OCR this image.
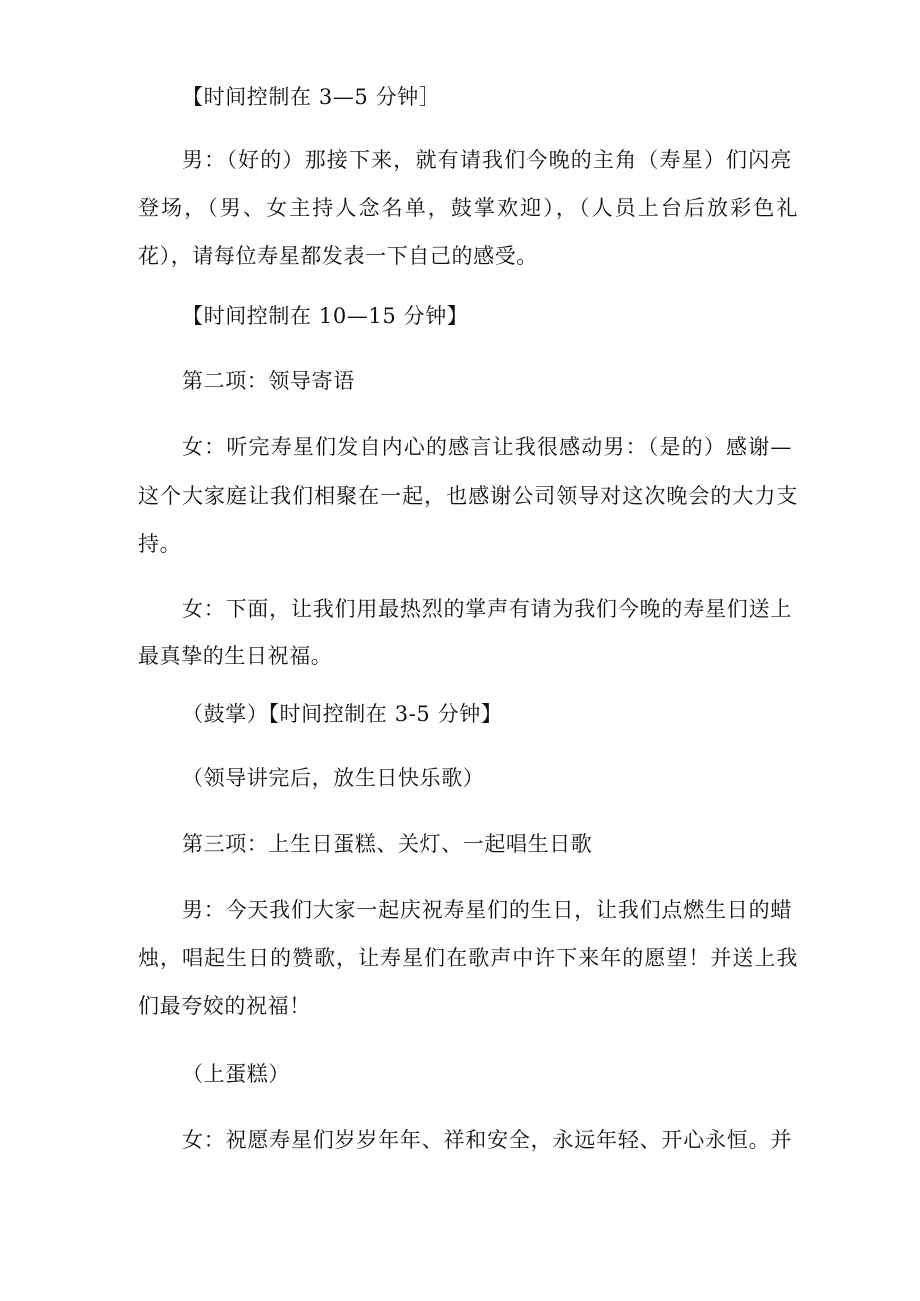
【时间控制在 3—5 分钟］
男：（好的）那接下来，就有请我们今晚的主角（寿星）们闪亮
登场，（男、女主持人念名单，鼓掌欢迎），（人员上台后放彩色礼
花），请每位寿星都发表一下自己的感受。
【时间控制在 10—15 分钟】
第二项：领导寄语
女：听完寿星们发自内心的感言让我很感动男：（是的）感谢—
这个大家庭让我们相聚在一起，也感谢公司领导对这次晚会的大力支
持。
女：下面，让我们用最热烈的掌声有请为我们今晚的寿星们送上
最真挚的生日祝福。
（鼓掌）【时间控制在 3-5 分钟】
（领导讲完后，放生日快乐歌）
第三项：上生日蛋糕、关灯、一起唱生日歌
男：今天我们大家一起庆祝寿星们的生日，让我们点燃生日的蜡
烛，唱起生日的赞歌，让寿星们在歌声中许下来年的愿望！并送上我
们最夸姣的祝福！
（上蛋糕）
女：祝愿寿星们岁岁年年、祥和安全，永远年轻、开心永恒。并
